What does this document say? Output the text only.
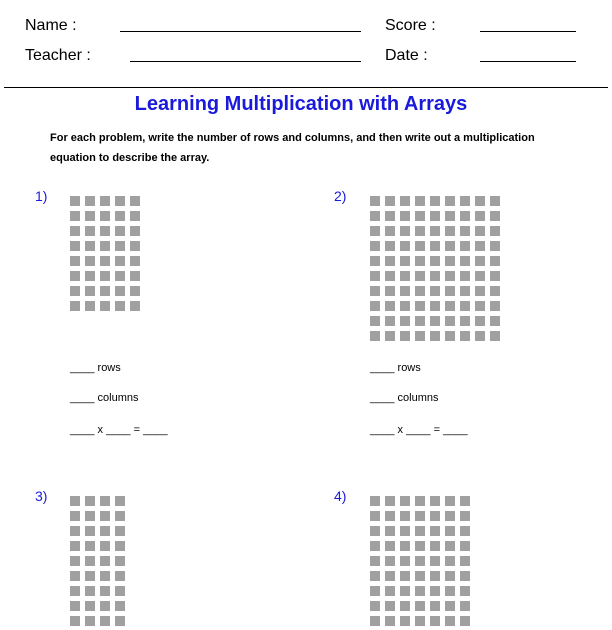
Name :	Score :
Teacher :	Date :
Learning Multiplication with Arrays
For each problem, write the number of rows and columns, and then write out a multiplication equation to describe the array.
1)
____ rows
____ columns
____ x ____ = ____
2)
____ rows
____ columns
____ x ____ = ____
3)	4)
